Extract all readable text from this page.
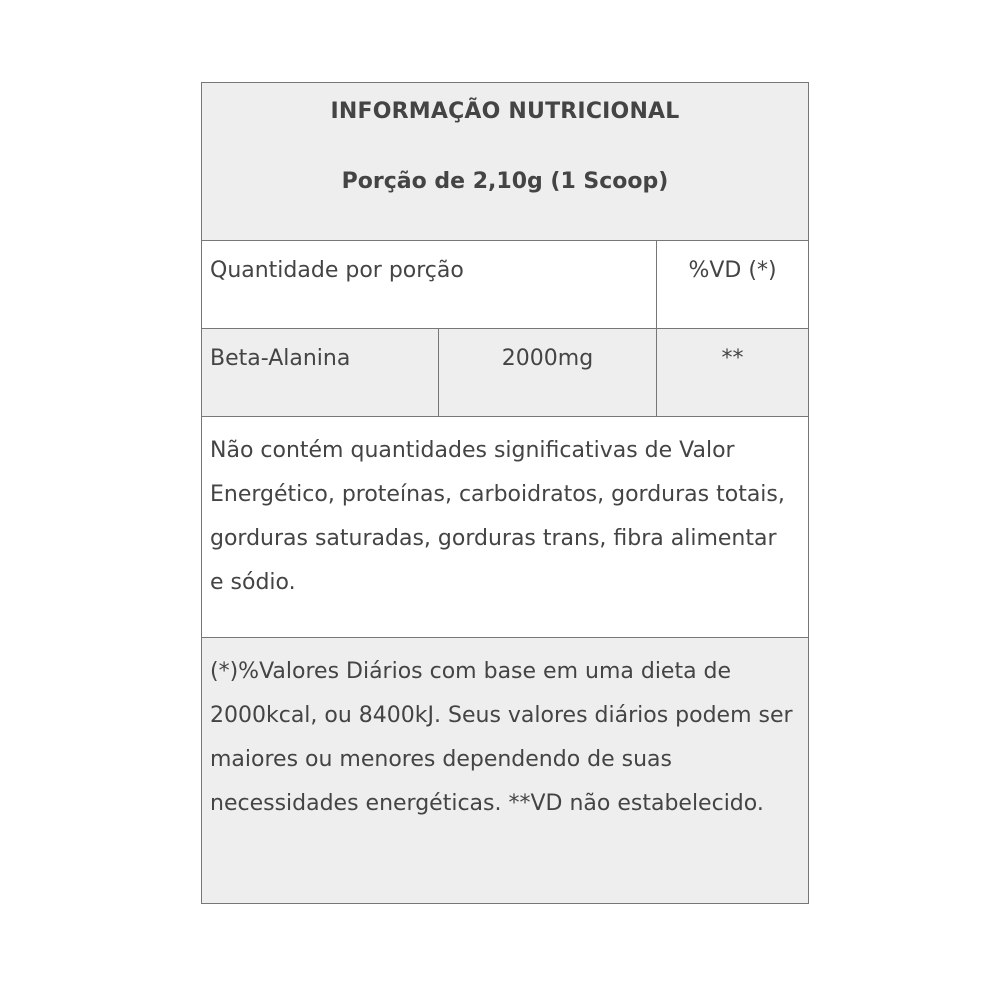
INFORMAÇÃO NUTRICIONAL
Porção de 2,10g (1 Scoop)
Quantidade por porção	%VD (*)
Beta-Alanina	2000mg	**
Não contém quantidades significativas de Valor Energético, proteínas, carboidratos, gorduras totais, gorduras saturadas, gorduras trans, fibra alimentar e sódio.
(*)%Valores Diários com base em uma dieta de 2000kcal, ou 8400kJ. Seus valores diários podem ser maiores ou menores dependendo de suas necessidades energéticas. **VD não estabelecido.
